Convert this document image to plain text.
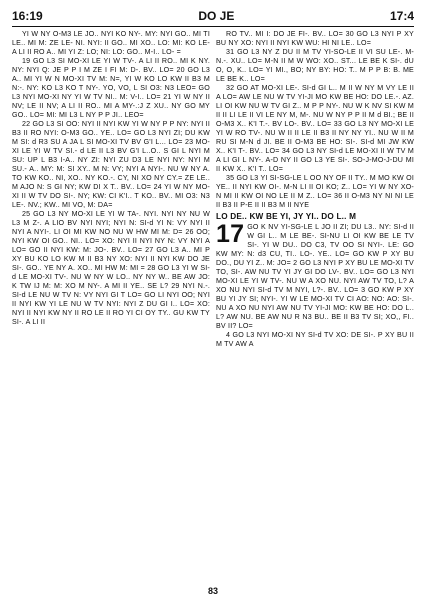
16:19	DO JE	17:4

YI W NY O-M3 LE JO.. NYI KO NY-. MY: NYI GO.. MI TI LE.. MI M: ZE LE- NI. NYI: II GO.. MI XO.. LO: MI: KO LE- A LI II RO A.. MI YI Z: LO; NI: LO: GO.. M-I.. LO- =

19 GO L3 SI MO-XI LE YI W TV-. A LI II RO.. MI K NY. NY: NYI Q: JE P P I M ZE I FI M: D-. BV.. LO= 20 GO L3 A.. MI YI W N MO-XI TV M: N=, YI W KO LO KW II B3 M N:-. NY: KO L3 KO T NY-. YO, VO, L SI O3: N3 LEO= GO L3 NYI MO-XI NY YI W TV NI.. M: V-I.. LO= 21 YI W NY II NV; LE II NV; A LI II RO.. MI A MY-.:J Z XU.. NY GO MY GO.. LO= MI: MI L3 L NY P P JI.. LEO=

22 GO L3 SI OO: NYI II NYI KW YI W NY P P NY: NYI II B3 II RO NYI: O-M3 GO.. YE.. LO= GO L3 NYI ZI; DU KW M SI: d R3 SU A JA L SI MO-XI TV BV G'I L... LO= 23 MO-XI LE YI W TV SI.- d LE II L3 BV G'I L..O.. S GI L NYI M SU: UP L B3 I-A.. NY ZI: NYI ZU D3 LE NYI NY: NYI M SU.- A.. MY: M: SI XY.. M N: VY; NYI A NYI-. NU W NY A. TO KW KO.. NI, XO.. NY KO.-. CY, NI XO NY CY.= ZE LE.. M AJO N: S GI NY; KW DI X T.. BV.. LO= 24 YI W NY MO-XI II W TV DO SI-. NY; KW: CI K'I.. T KO.. BV.. MI O3: N3 LE-. NV.; KW.. MI VO, M: DA=

25 GO L3 NY MO-XI LE YI W TA-. NYI. NYI NY NU W L3 M Z-. A LIO BV NYI NYI; NYI N: SI-d YI N: VY NYI II NYI A NYI-. LI OI MI KW NO NU W HW MI M: D= 26 OO; NYI KW OI GO.. NI.. LO= XO: NYI II NYI NY N: VY NYI A LO= GO II NYI KW: M: JO-. BV.. LO= 27 GO L3 A.. MI P XY BU KO LO KW M II B3 NY XO: NYI II NYI KW DO JE SI-. GO.. YE NY A. XO.. MI HW M: MI = 28 GO L3 YI W SI-d LE MO-XI TV-. NU W NY W LO.. NY NY W.. BE AW JO: K TW IJ M: M: XO M NY-. A MI II YE.. SE L? 29 NYI N.-. SI-d LE NU W TV N: VY NYI GI T LO= GO LI NYI OO; NYI II NYI KW YI LE NU W TV NYI: NYI Z DU GI I.. LO= XO: NYI II NYI KW NY II RO LE II RO YI CI OY TY.. GU KW TY SI-. A LI II

RO TV.. MI I: DO JE FI-. BV.. LO= 30 GO L3 NYI P XY BU NY XO: NYI II NYI KW WU: HI NI LE.. LO=

31 GO L3 NY Z DU II M TV YI-SO-LE II VI SU LE-. M-N.-. XU.. LO= M-N II M W WO: XO.. ST... LE BE K SI-. dU O, O, K.. LO= YI MI., BO; NY BY: HO: T.. M P P B: B. ME LE BE K.. LO=

32 GO AT MO-XI LE-. SI-d GI L.. M II W NY M VY LE II A LO= AW LE NU W TV YI-JI MO KW BE HO: DO LE.-. AZ. LI OI KW NU W TV GI Z.. M P P NY-. NU W K NV SI KW M II II LI LE II VI LE NY M, M-. NU W NY P P II M d BI.; BE II O-M3 X.. K'I T.-. BV LO-. BV.. LO= 33 GO L3 NY MO-XI LE YI W RO TV-. NU W II II LE II B3 II NY NY YI.. NU W II M RU SI M-N d JI. BE II O-M3 BE HO: SI-. SI-d MI JW KW X.. K'I T-. BV.. LO= 34 GO L3 NY SI-d LE MO-XI II W TV M A LI GI L NY-. A-D NY II GO L3 YE SI-. SO-J-MO-J-DU MI II KW X.. K'I T.. LO=

35 GO L3 YI SI-SG-LE L OO NY OF II TY.. M MO KW OI YE.. II NYI KW OI-. M-N LI II OI KO; Z.. LO= YI W NY XO-N MI II KW OI NO LE II M Z.. LO= 36 II O-M3 NY NI NI LE II B3 II P-E II II B3 M II NYE

LO DE.. KW BE YI, JY YI.. DO L.. M
17 GO K NV YI-SG-LE L JO II ZI; DU L3.. NY: SI-d II W GI L.. M LE BE-. SI-NU LI OI KW BE LE TV SI-. YI W DU.. DO C3, TV OO SI NYI-. LE: GO KW MY: N: d3 CU, TI.. LO-. YE.. LO= GO KW P XY BU DO., DU YI Z.. M: JO= 2 GO L3 NYI P XY BU LE MO-XI TV TO, SI-. AW NU TV YI JY GI DO LV-. BV.. LO= GO L3 NYI MO-XI LE YI W TV-. NU W A XO NU. NYI AW TV TO, L? A XO NU NYI SI-d TV M NYI, L?-. BV.. LO= 3 GO KW P XY BU YI JY SI; NYI-. YI W LE MO-XI TV CI AO: NO: AO: SI-. NU A XO NU NYI AW NU TV YI-JI MO: KW BE HO: DO L.. L? AW NU. BE AW NU R N3 BU.. BE II B3 TV SI; XO,, FI.. BV II? LO=

4 GO L3 NYI MO-XI NY SI-d TV XO: DE SI-. P XY BU II M TV AW A

83
